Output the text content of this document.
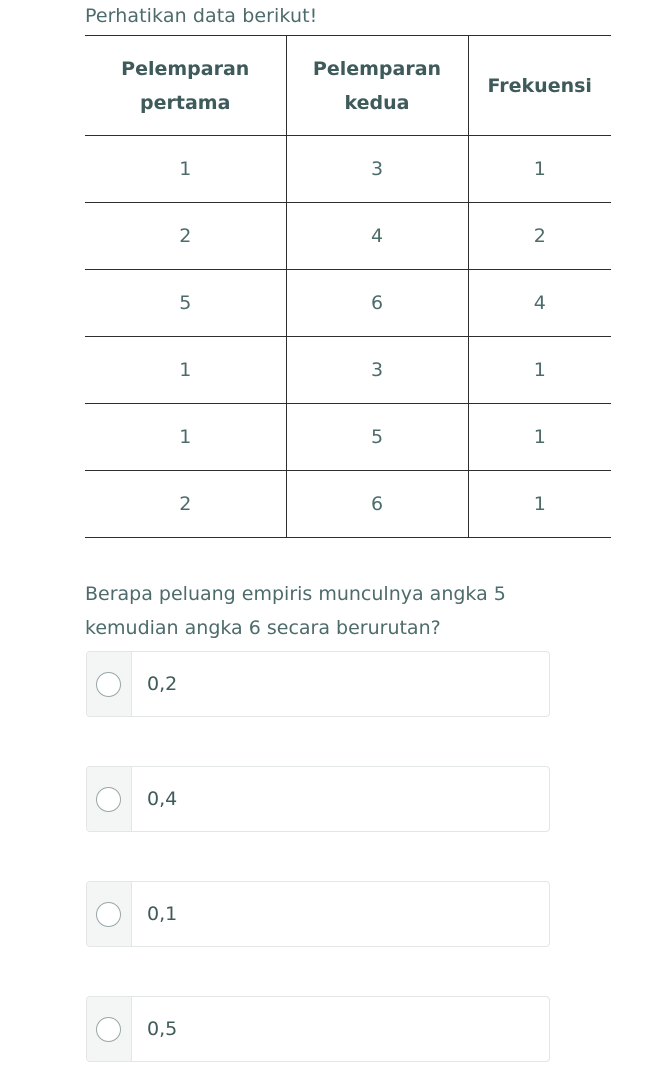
Perhatikan data berikut!
Pelemparan pertama	Pelemparan kedua	Frekuensi
1	3	1
2	4	2
5	6	4
1	3	1
1	5	1
2	6	1
Berapa peluang empiris munculnya angka 5 kemudian angka 6 secara berurutan?
0,2
0,4
0,1
0,5
